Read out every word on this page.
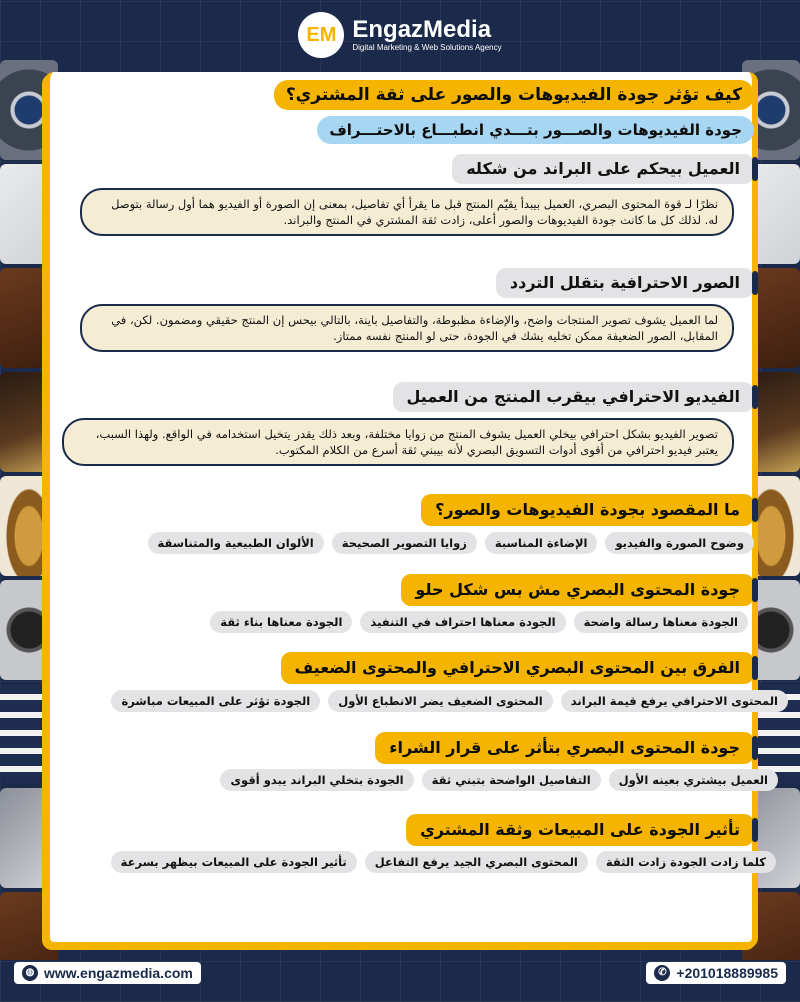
EM EngazMedia
Digital Marketing & Web Solutions Agency
كيف تؤثر جودة الفيديوهات والصور على ثقة المشتري؟
جودة الفيديوهات والصـــور بتـــدي انطبـــاع بالاحتـــراف
العميل بيحكم على البراند من شكله
نظرًا لـ قوة المحتوى البصري، العميل بيبدأ يقيّم المنتج قبل ما يقرأ أي تفاصيل، بمعنى إن الصورة أو الفيديو هما أول رسالة بتوصل له. لذلك كل ما كانت جودة الفيديوهات والصور أعلى، زادت ثقة المشتري في المنتج والبراند.
الصور الاحترافية بتقلل التردد
لما العميل يشوف تصوير المنتجات واضح، والإضاءة مظبوطة، والتفاصيل باينة، بالتالي بيحس إن المنتج حقيقي ومضمون. لكن، في المقابل، الصور الضعيفة ممكن تخليه يشك في الجودة، حتى لو المنتج نفسه ممتاز.
الفيديو الاحترافي بيقرب المنتج من العميل
تصوير الفيديو بشكل احترافي بيخلي العميل يشوف المنتج من زوايا مختلفة، وبعد ذلك يقدر يتخيل استخدامه في الواقع. ولهذا السبب، يعتبر فيديو احترافي من أقوى أدوات التسويق البصري لأنه بيبني ثقة أسرع من الكلام المكتوب.
ما المقصود بجودة الفيديوهات والصور؟
وضوح الصورة والفيديو
الإضاءة المناسبة
زوايا التصوير الصحيحة
الألوان الطبيعية والمتناسقة
جودة المحتوى البصري مش بس شكل حلو
الجودة معناها رسالة واضحة
الجودة معناها احتراف في التنفيذ
الجودة معناها بناء ثقة
الفرق بين المحتوى البصري الاحترافي والمحتوى الضعيف
المحتوى الاحترافي يرفع قيمة البراند
المحتوى الضعيف يضر الانطباع الأول
الجودة تؤثر على المبيعات مباشرة
جودة المحتوى البصري بتأثر على قرار الشراء
العميل بيشتري بعينه الأول
التفاصيل الواضحة بتبني ثقة
الجودة بتخلي البراند يبدو أقوى
تأثير الجودة على المبيعات وثقة المشتري
كلما زادت الجودة زادت الثقة
المحتوى البصري الجيد يرفع التفاعل
تأثير الجودة على المبيعات بيظهر بسرعة
◍ www.engazmedia.com	✆ +201018889985
